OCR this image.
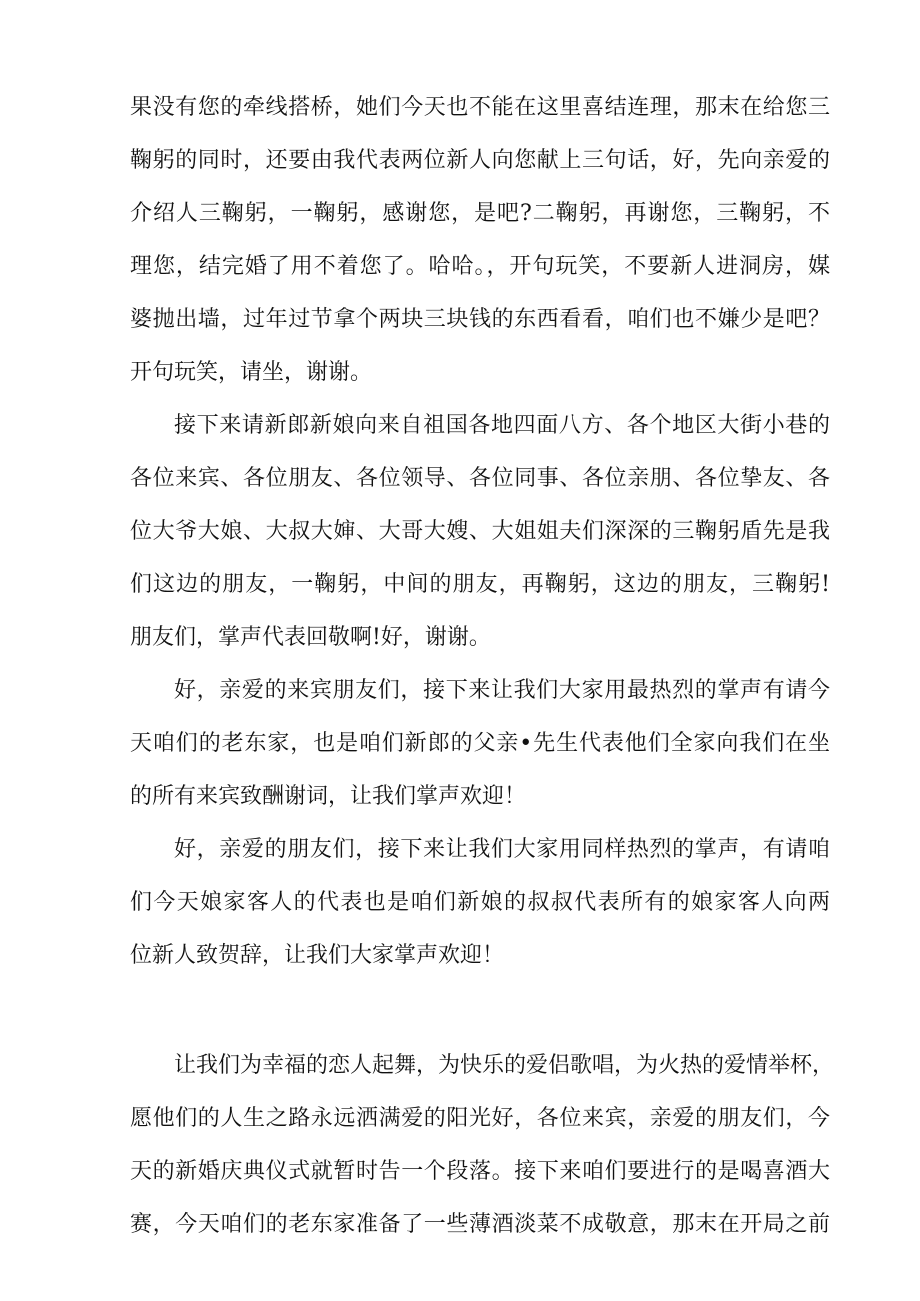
果没有您的牵线搭桥，她们今天也不能在这里喜结连理，那末在给您三
鞠躬的同时，还要由我代表两位新人向您献上三句话，好，先向亲爱的
介绍人三鞠躬，一鞠躬，感谢您，是吧?二鞠躬，再谢您，三鞠躬，不
理您，结完婚了用不着您了。哈哈。，开句玩笑，不要新人进洞房，媒
婆抛出墙，过年过节拿个两块三块钱的东西看看，咱们也不嫌少是吧？
开句玩笑，请坐，谢谢。
接下来请新郎新娘向来自祖国各地四面八方、各个地区大街小巷的
各位来宾、各位朋友、各位领导、各位同事、各位亲朋、各位挚友、各
位大爷大娘、大叔大婶、大哥大嫂、大姐姐夫们深深的三鞠躬盾先是我
们这边的朋友，一鞠躬，中间的朋友，再鞠躬，这边的朋友，三鞠躬!
朋友们，掌声代表回敬啊!好，谢谢。
好，亲爱的来宾朋友们，接下来让我们大家用最热烈的掌声有请今
天咱们的老东家，也是咱们新郎的父亲•先生代表他们全家向我们在坐
的所有来宾致酬谢词，让我们掌声欢迎！
好，亲爱的朋友们，接下来让我们大家用同样热烈的掌声，有请咱
们今天娘家客人的代表也是咱们新娘的叔叔代表所有的娘家客人向两
位新人致贺辞，让我们大家掌声欢迎！
让我们为幸福的恋人起舞，为快乐的爱侣歌唱，为火热的爱情举杯，
愿他们的人生之路永远洒满爱的阳光好，各位来宾，亲爱的朋友们，今
天的新婚庆典仪式就暂时告一个段落。接下来咱们要进行的是喝喜酒大
赛，今天咱们的老东家准备了一些薄酒淡菜不成敬意，那末在开局之前
